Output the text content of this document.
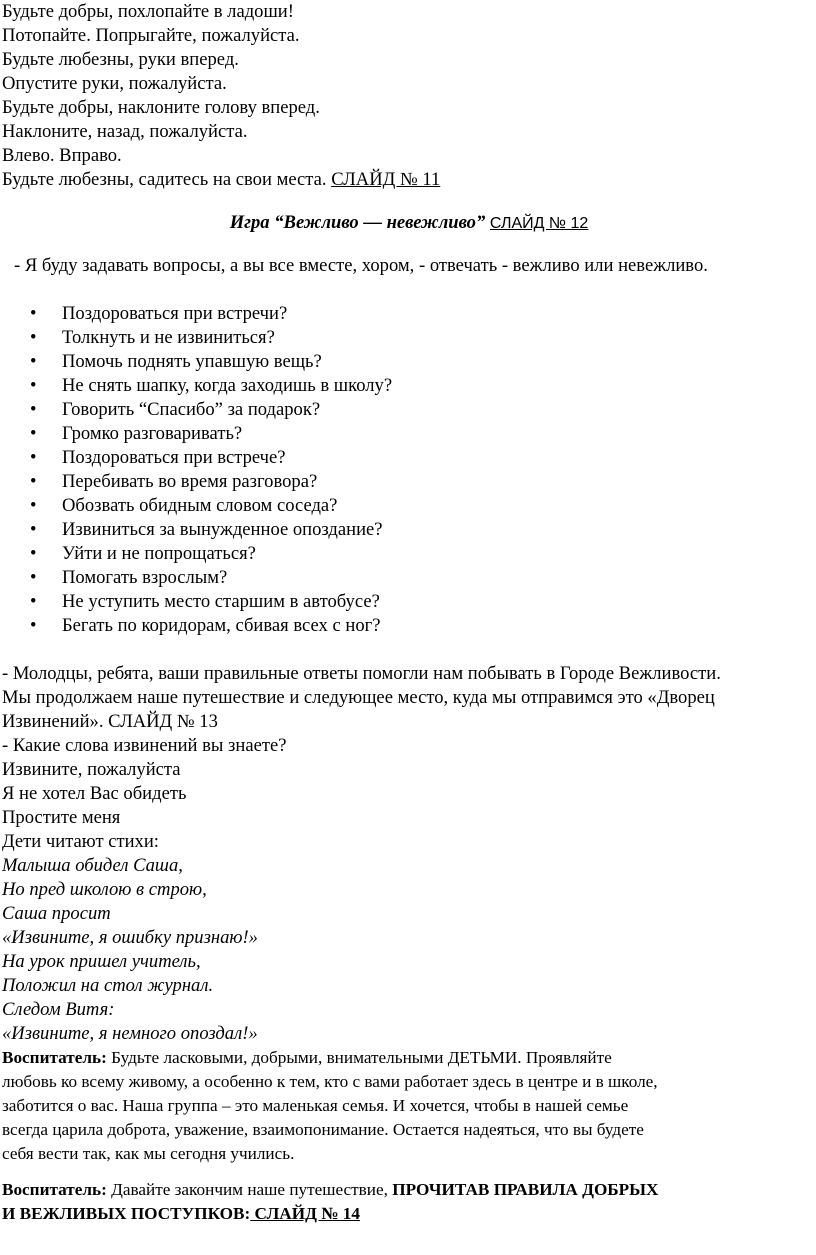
Будьте добры, похлопайте в ладоши!

Потопайте. Попрыгайте, пожалуйста.

Будьте любезны, руки вперед.

Опустите руки, пожалуйста.

Будьте добры, наклоните голову вперед.

Наклоните, назад, пожалуйста.

Влево. Вправо.

Будьте любезны, садитесь на свои места. СЛАЙД № 11

Игра “Вежливо — невежливо” СЛАЙД № 12

- Я буду задавать вопросы, а вы все вместе, хором, - отвечать - вежливо или невежливо.

• Поздороваться при встречи?
• Толкнуть и не извиниться?
• Помочь поднять упавшую вещь?
• Не снять шапку, когда заходишь в школу?
• Говорить “Спасибо” за подарок?
• Громко разговаривать?
• Поздороваться при встрече?
• Перебивать во время разговора?
• Обозвать обидным словом соседа?
• Извиниться за вынужденное опоздание?
• Уйти и не попрощаться?
• Помогать взрослым?
• Не уступить место старшим в автобусе?
• Бегать по коридорам, сбивая всех с ног?

- Молодцы, ребята, ваши правильные ответы помогли нам побывать в Городе Вежливости.

Мы продолжаем наше путешествие и следующее место, куда мы отправимся это «Дворец

Извинений». СЛАЙД № 13

- Какие слова извинений вы знаете?

Извините, пожалуйста

Я не хотел Вас обидеть

Простите меня

Дети читают стихи:

Малыша обидел Саша,

Но пред школою в строю,

Саша просит

«Извините, я ошибку признаю!»

На урок пришел учитель,

Положил на стол журнал.

Следом Витя:

«Извините, я немного опоздал!»

Воспитатель: Будьте ласковыми, добрыми, внимательными ДЕТЬМИ. Проявляйте

любовь ко всему живому, а особенно к тем, кто с вами работает здесь в центре и в школе,

заботится о вас. Наша группа – это маленькая семья. И хочется, чтобы в нашей семье

всегда царила доброта, уважение, взаимопонимание. Остается надеяться, что вы будете

себя вести так, как мы сегодня учились.

Воспитатель: Давайте закончим наше путешествие, ПРОЧИТАВ ПРАВИЛА ДОБРЫХ

И ВЕЖЛИВЫХ ПОСТУПКОВ: СЛАЙД № 14
